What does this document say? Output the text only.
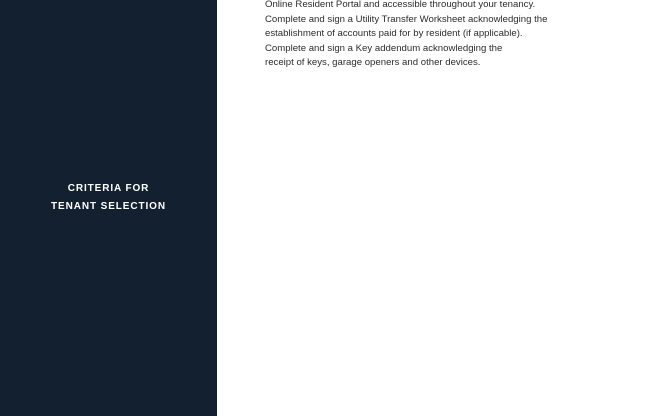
CRITERIA FOR
TENANT SELECTION
Online Resident Portal and accessible throughout your tenancy.
Complete and sign a Utility Transfer Worksheet acknowledging the
establishment of accounts paid for by resident (if applicable).
Complete and sign a Key addendum acknowledging the
receipt of keys, garage openers and other devices.
